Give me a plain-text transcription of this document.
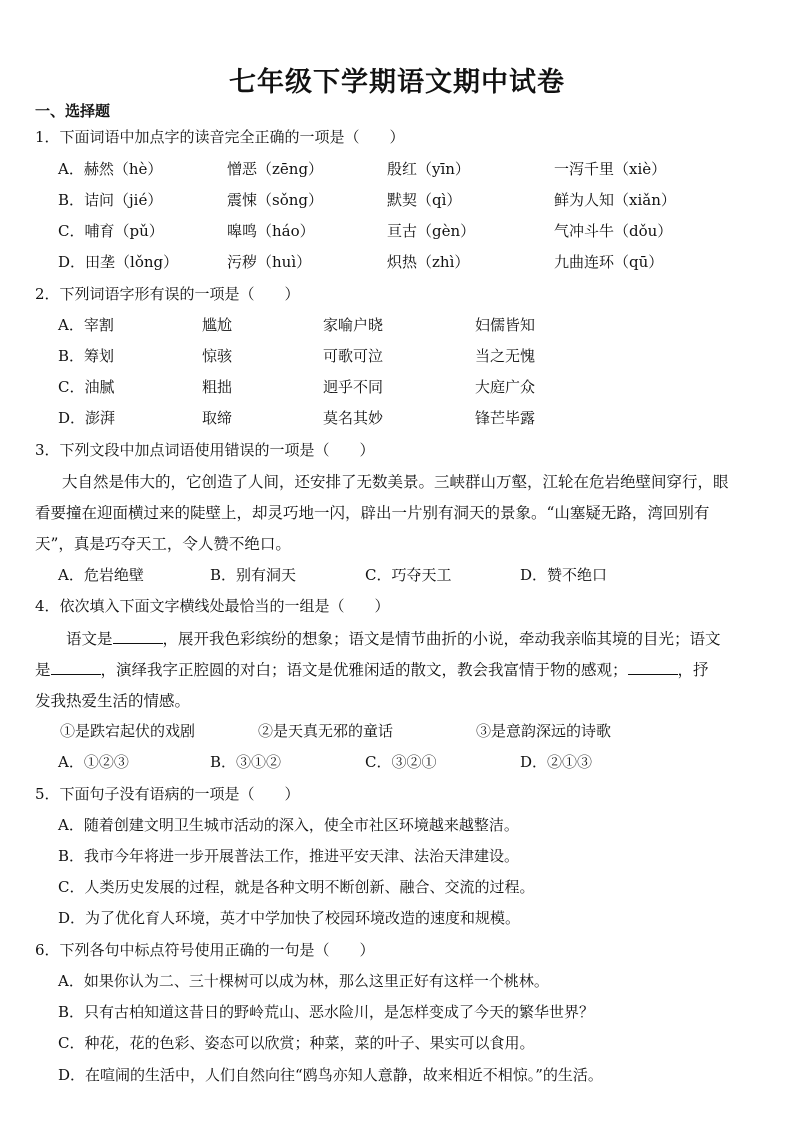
七年级下学期语文期中试卷
一、选择题
1．下面词语中加点字的读音完全正确的一项是（　　）
A．赫然（hè）	憎恶（zēng）	殷红（yīn）	一泻千里（xiè）
B．诘问（jié）	震悚（sǒng）	默契（qì）	鲜为人知（xiǎn）
C．哺育（pǔ）	嗥鸣（háo）	亘古（gèn）	气冲斗牛（dǒu）
D．田垄（lǒng）	污秽（huì）	炽热（zhì）	九曲连环（qū）
2．下列词语字形有误的一项是（　　）
A．宰割	尴尬	家喻户晓	妇儒皆知
B．筹划	惊骇	可歌可泣	当之无愧
C．油腻	粗拙	迥乎不同	大庭广众
D．澎湃	取缔	莫名其妙	锋芒毕露
3．下列文段中加点词语使用错误的一项是（　　）
大自然是伟大的，它创造了人间，还安排了无数美景。三峡群山万壑，江轮在危岩绝壁间穿行，眼
看要撞在迎面横过来的陡壁上，却灵巧地一闪，辟出一片别有洞天的景象。“山塞疑无路，湾回别有
天”，真是巧夺天工，令人赞不绝口。
A．危岩绝壁	B．别有洞天	C．巧夺天工	D．赞不绝口
4．依次填入下面文字横线处最恰当的一组是（　　）
语文是	，展开我色彩缤纷的想象；语文是情节曲折的小说，牵动我亲临其境的目光；语文
是	，演绎我字正腔圆的对白；语文是优雅闲适的散文，教会我富情于物的感观；	，抒
发我热爱生活的情感。
①是跌宕起伏的戏剧	②是天真无邪的童话	③是意韵深远的诗歌
A．①②③	B．③①②	C．③②①	D．②①③
5．下面句子没有语病的一项是（　　）
A．随着创建文明卫生城市活动的深入，使全市社区环境越来越整洁。
B．我市今年将进一步开展普法工作，推进平安天津、法治天津建设。
C．人类历史发展的过程，就是各种文明不断创新、融合、交流的过程。
D．为了优化育人环境，英才中学加快了校园环境改造的速度和规模。
6．下列各句中标点符号使用正确的一句是（　　）
A．如果你认为二、三十棵树可以成为林，那么这里正好有这样一个桃林。
B．只有古柏知道这昔日的野岭荒山、恶水险川，是怎样变成了今天的繁华世界？
C．种花，花的色彩、姿态可以欣赏；种菜，菜的叶子、果实可以食用。
D．在喧闹的生活中，人们自然向往“鸥鸟亦知人意静，故来相近不相惊。”的生活。
